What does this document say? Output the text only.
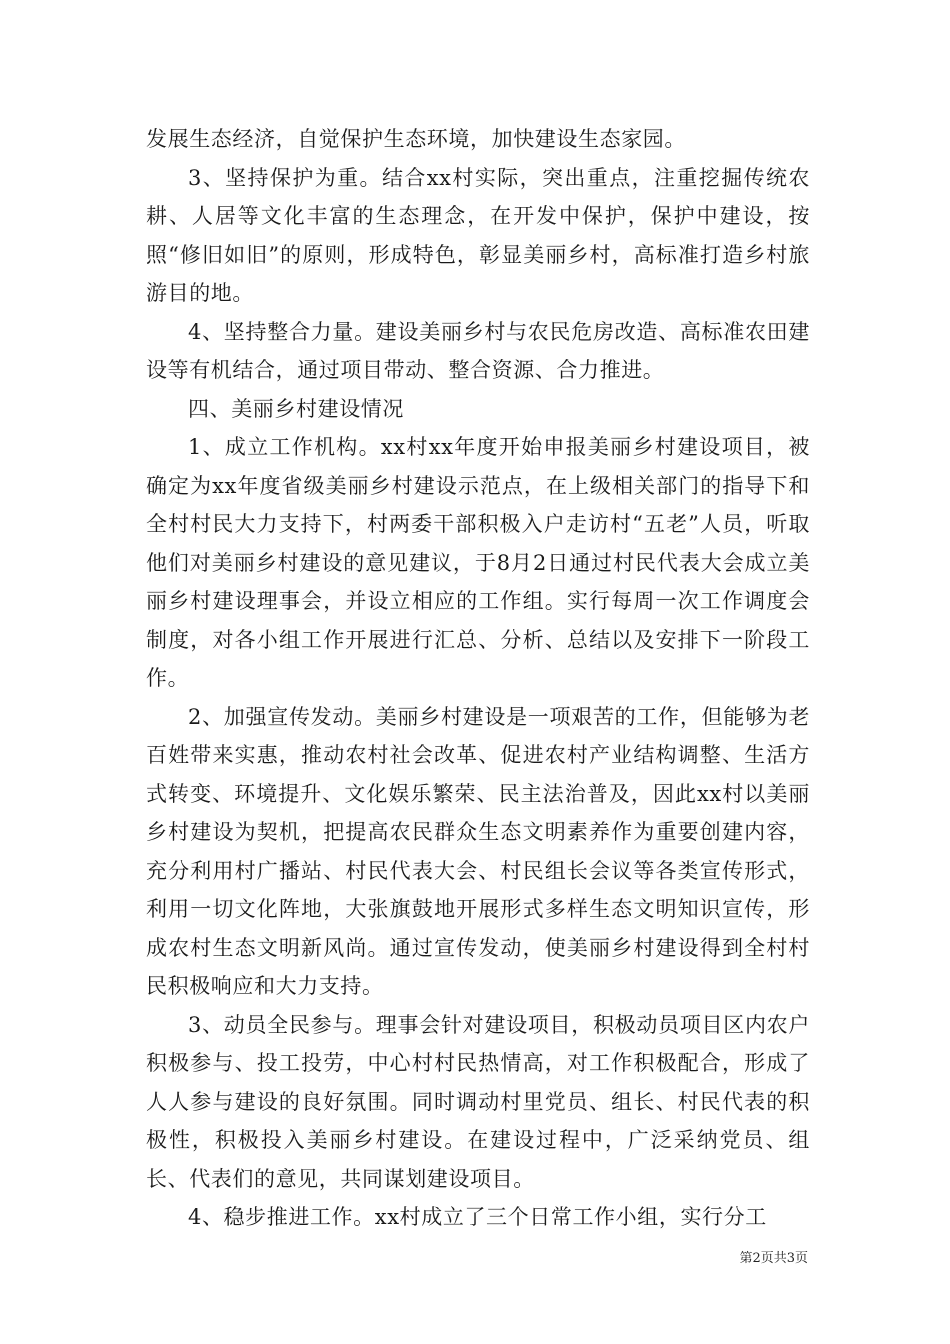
发展生态经济，自觉保护生态环境，加快建设生态家园。

3、坚持保护为重。结合xx村实际，突出重点，注重挖掘传统农耕、人居等文化丰富的生态理念，在开发中保护，保护中建设，按照“修旧如旧”的原则，形成特色，彰显美丽乡村，高标准打造乡村旅游目的地。

4、坚持整合力量。建设美丽乡村与农民危房改造、高标准农田建设等有机结合，通过项目带动、整合资源、合力推进。

四、美丽乡村建设情况

1、成立工作机构。xx村xx年度开始申报美丽乡村建设项目，被确定为xx年度省级美丽乡村建设示范点，在上级相关部门的指导下和全村村民大力支持下，村两委干部积极入户走访村“五老”人员，听取他们对美丽乡村建设的意见建议，于8月2日通过村民代表大会成立美丽乡村建设理事会，并设立相应的工作组。实行每周一次工作调度会制度，对各小组工作开展进行汇总、分析、总结以及安排下一阶段工作。

2、加强宣传发动。美丽乡村建设是一项艰苦的工作，但能够为老百姓带来实惠，推动农村社会改革、促进农村产业结构调整、生活方式转变、环境提升、文化娱乐繁荣、民主法治普及，因此xx村以美丽乡村建设为契机，把提高农民群众生态文明素养作为重要创建内容，充分利用村广播站、村民代表大会、村民组长会议等各类宣传形式，利用一切文化阵地，大张旗鼓地开展形式多样生态文明知识宣传，形成农村生态文明新风尚。通过宣传发动，使美丽乡村建设得到全村村民积极响应和大力支持。

3、动员全民参与。理事会针对建设项目，积极动员项目区内农户积极参与、投工投劳，中心村村民热情高，对工作积极配合，形成了人人参与建设的良好氛围。同时调动村里党员、组长、村民代表的积极性，积极投入美丽乡村建设。在建设过程中，广泛采纳党员、组长、代表们的意见，共同谋划建设项目。

4、稳步推进工作。xx村成立了三个日常工作小组，实行分工

第2页共3页
